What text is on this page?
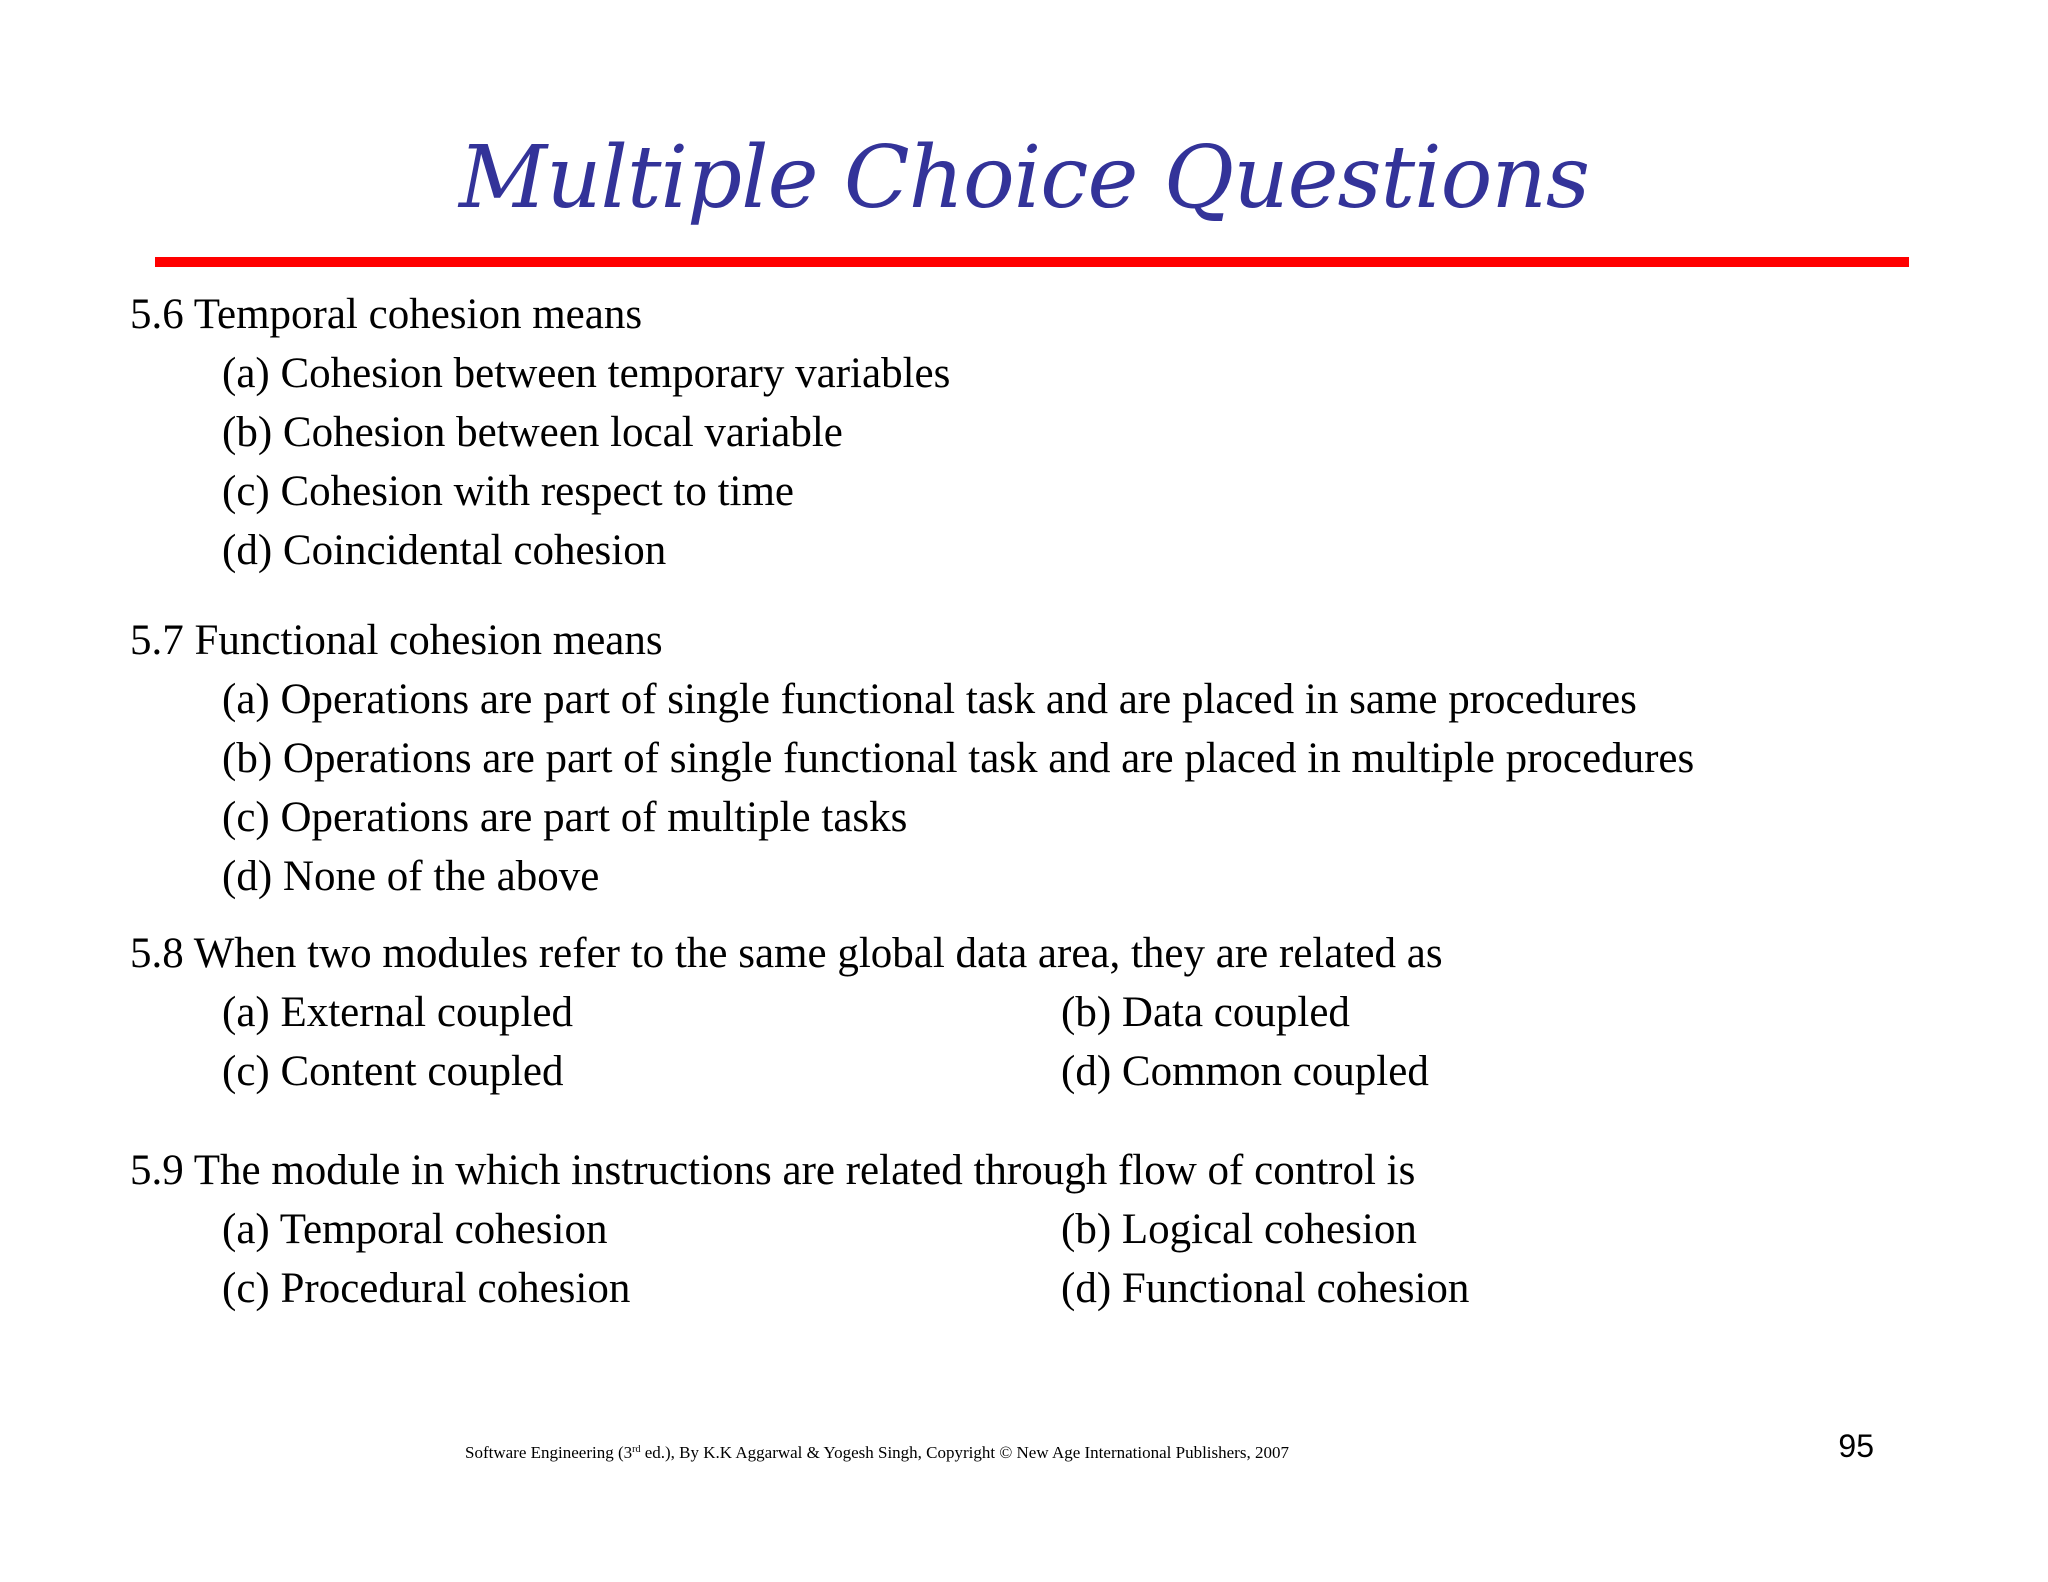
Multiple Choice Questions
5.6 Temporal cohesion means
(a) Cohesion between temporary variables
(b) Cohesion between local variable
(c) Cohesion with respect to time
(d) Coincidental cohesion
5.7 Functional cohesion means
(a) Operations are part of single functional task and are placed in same procedures
(b) Operations are part of single functional task and are placed in multiple procedures
(c) Operations are part of multiple tasks
(d) None of the above
5.8 When two modules refer to the same global data area, they are related as
(a) External coupled	(b) Data coupled
(c) Content coupled	(d) Common coupled
5.9 The module in which instructions are related through flow of control is
(a) Temporal cohesion	(b) Logical cohesion
(c) Procedural cohesion	(d) Functional cohesion
Software Engineering (3rd ed.), By K.K Aggarwal & Yogesh Singh, Copyright © New Age International Publishers, 2007	95
